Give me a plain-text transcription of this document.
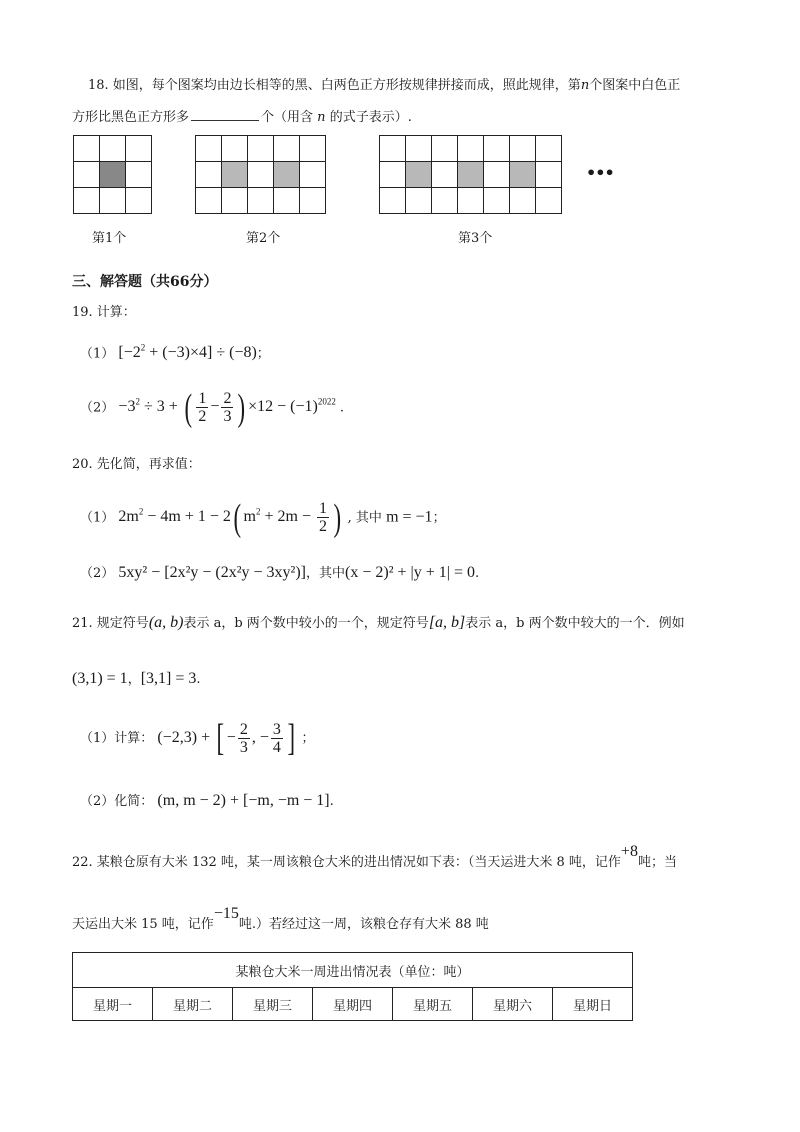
18. 如图，每个图案均由边长相等的黑、白两色正方形按规律拼接而成，照此规律，第n个图案中白色正
方形比黑色正方形多	个（用含 n 的式子表示）.

•••
第1个	第2个	第3个
三、解答题（共66分）
19. 计算：
（1） $[-2^2 + (-3)\times 4] \div (-8)$；
$(2) -3^2 \div 3$ + ( $\frac{1}{2} - \frac{2}{3}$ ) $\times 12 - (-1)^{2022}$ .
20. 先化简，再求值：
（1） $2m^2 - 4m + 1 - 2$( $m^2 + 2m - \frac{1}{2}$ ) , 其中 m = −1；
（2） 5xy² − [2x²y − (2x²y − 3xy²)]，其中(x − 2)² + |y + 1| = 0.
21. 规定符号(a, b)表示 a，b 两个数中较小的一个，规定符号[a, b]表示 a，b 两个数中较大的一个．例如
(3,1) = 1，[3,1] = 3.
（1）计算： (−2,3) + [ − $\frac{2}{3}$ , − $\frac{3}{4}$ ] ；
（2）化简： (m, m − 2) + [−m, −m − 1].
22. 某粮仓原有大米 132 吨，某一周该粮仓大米的进出情况如下表：（当天运进大米 8 吨，记作+8吨；当
天运出大米 15 吨，记作−15吨.）若经过这一周，该粮仓存有大米 88 吨
某粮仓大米一周进出情况表（单位：吨）
星期一	星期二	星期三	星期四	星期五	星期六	星期日
